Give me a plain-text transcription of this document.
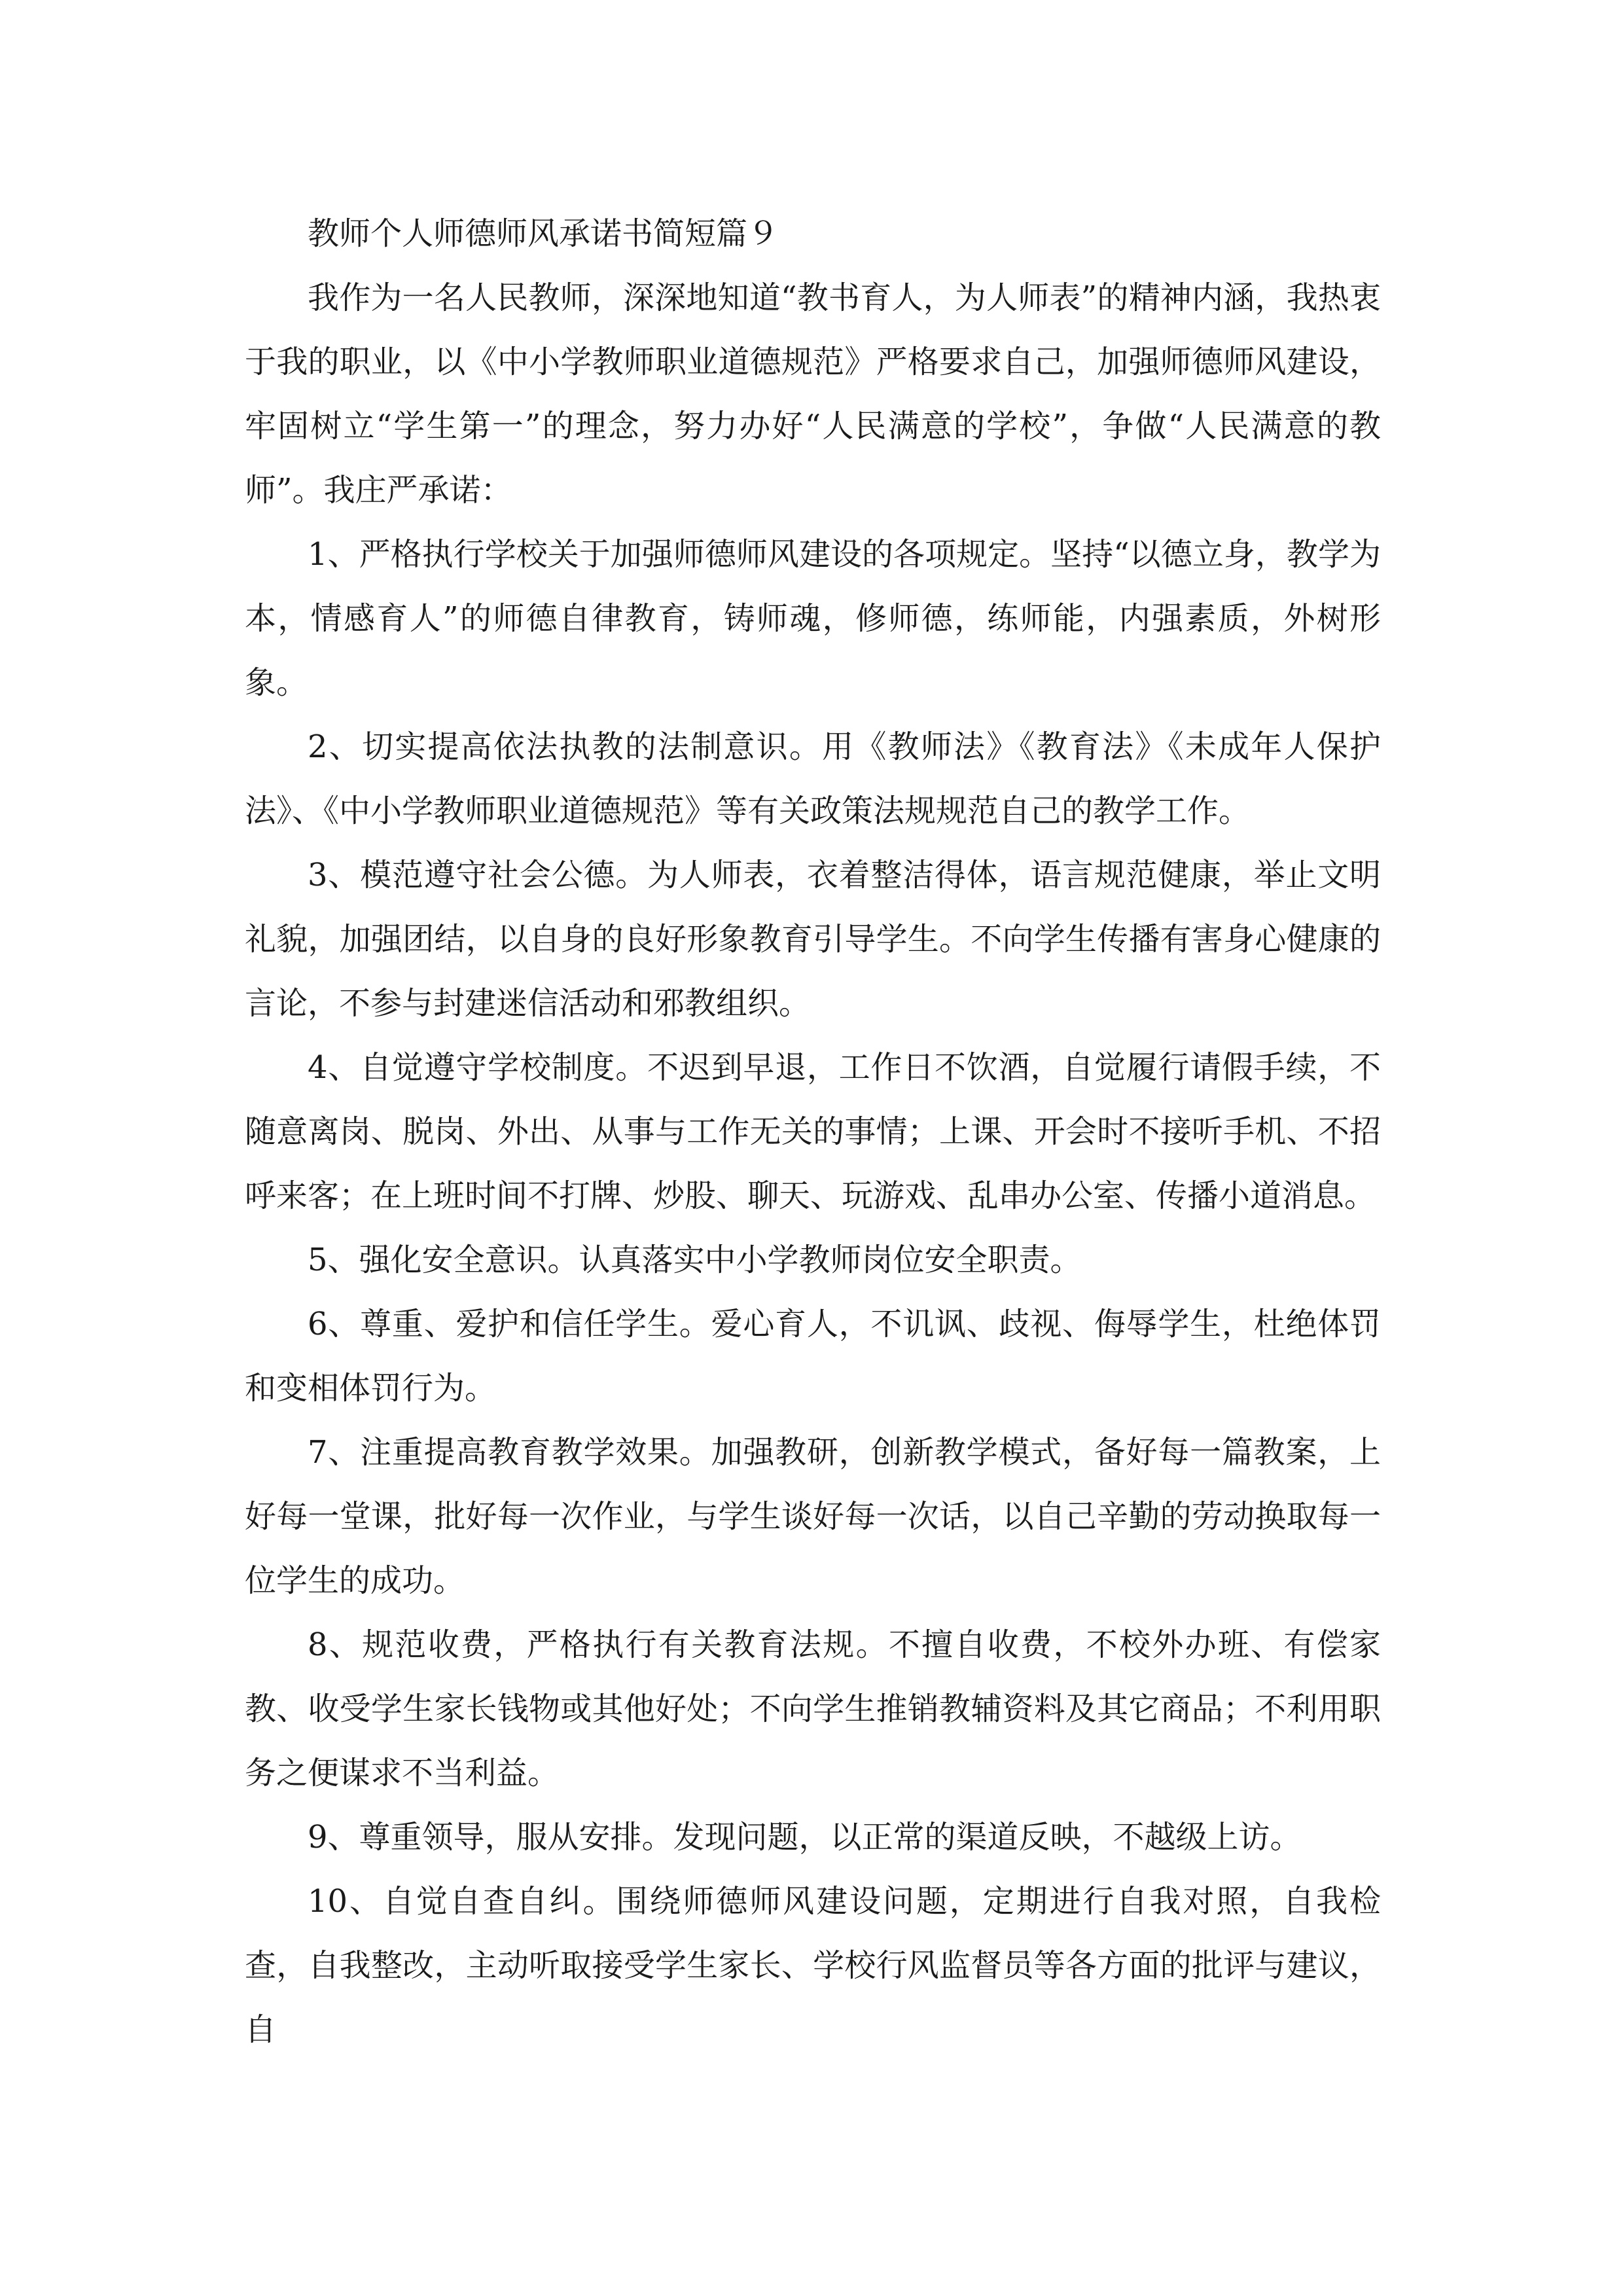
教师个人师德师风承诺书简短篇９

我作为一名人民教师，深深地知道“教书育人，为人师表”的精神内涵，我热衷于我的职业，以《中小学教师职业道德规范》严格要求自己，加强师德师风建设，牢固树立“学生第一”的理念，努力办好“人民满意的学校”，争做“人民满意的教师”。我庄严承诺：

1、严格执行学校关于加强师德师风建设的各项规定。坚持“以德立身，教学为本，情感育人”的师德自律教育，铸师魂，修师德，练师能，内强素质，外树形象。

2、切实提高依法执教的法制意识。用《教师法》《教育法》《未成年人保护法》、《中小学教师职业道德规范》等有关政策法规规范自己的教学工作。

3、模范遵守社会公德。为人师表，衣着整洁得体，语言规范健康，举止文明礼貌，加强团结，以自身的良好形象教育引导学生。不向学生传播有害身心健康的言论，不参与封建迷信活动和邪教组织。

4、自觉遵守学校制度。不迟到早退，工作日不饮酒，自觉履行请假手续，不随意离岗、脱岗、外出、从事与工作无关的事情；上课、开会时不接听手机、不招呼来客；在上班时间不打牌、炒股、聊天、玩游戏、乱串办公室、传播小道消息。

5、强化安全意识。认真落实中小学教师岗位安全职责。

6、尊重、爱护和信任学生。爱心育人，不讥讽、歧视、侮辱学生，杜绝体罚和变相体罚行为。

7、注重提高教育教学效果。加强教研，创新教学模式，备好每一篇教案，上好每一堂课，批好每一次作业，与学生谈好每一次话，以自己辛勤的劳动换取每一位学生的成功。

8、规范收费，严格执行有关教育法规。不擅自收费，不校外办班、有偿家教、收受学生家长钱物或其他好处；不向学生推销教辅资料及其它商品；不利用职务之便谋求不当利益。

9、尊重领导，服从安排。发现问题，以正常的渠道反映，不越级上访。

10、自觉自查自纠。围绕师德师风建设问题，定期进行自我对照，自我检查，自我整改，主动听取接受学生家长、学校行风监督员等各方面的批评与建议，自
